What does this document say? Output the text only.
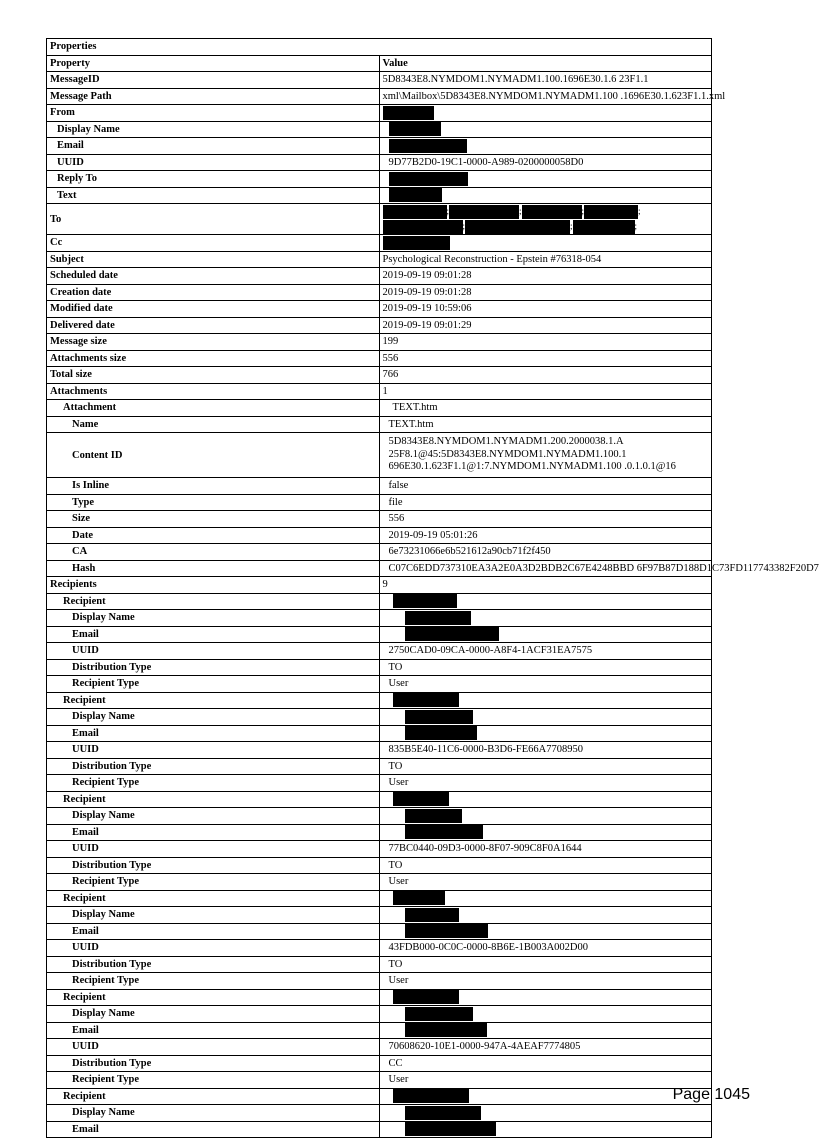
Properties	
Property	Value
MessageID	5D8343E8.NYMDOM1.NYMADM1.100.1696E30.1.6 23F1.1
Message Path	xml\Mailbox\5D8343E8.NYMDOM1.NYMADM1.100 .1696E30.1.623F1.1.xml
From	
Display Name	
Email	
UUID	9D77B2D0-19C1-0000-A989-0200000058D0
Reply To	
Text	
To	; ; ; ;; ; ;
Cc	
Subject	Psychological Reconstruction - Epstein #76318-054
Scheduled date	2019-09-19 09:01:28
Creation date	2019-09-19 09:01:28
Modified date	2019-09-19 10:59:06
Delivered date	2019-09-19 09:01:29
Message size	199
Attachments size	556
Total size	766
Attachments	1
Attachment	TEXT.htm
Name	TEXT.htm
Content ID	5D8343E8.NYMDOM1.NYMADM1.200.2000038.1.A
25F8.1@45:5D8343E8.NYMDOM1.NYMADM1.100.1
696E30.1.623F1.1@1:7.NYMDOM1.NYMADM1.100 .0.1.0.1@16

Is Inline	false
Type	file
Size	556
Date	2019-09-19 05:01:26
CA	6e73231066e6b521612a90cb71f2f450
Hash	C07C6EDD737310EA3A2E0A3D2BDB2C67E4248BBD 6F97B87D188D1C73FD117743382F20D7
Recipients	9
Recipient	
Display Name	
Email	
UUID	2750CAD0-09CA-0000-A8F4-1ACF31EA7575
Distribution Type	TO
Recipient Type	User
Recipient	
Display Name	
Email	
UUID	835B5E40-11C6-0000-B3D6-FE66A7708950
Distribution Type	TO
Recipient Type	User
Recipient	
Display Name	
Email	
UUID	77BC0440-09D3-0000-8F07-909C8F0A1644
Distribution Type	TO
Recipient Type	User
Recipient	
Display Name	
Email	
UUID	43FDB000-0C0C-0000-8B6E-1B003A002D00
Distribution Type	TO
Recipient Type	User
Recipient	
Display Name	
Email	
UUID	70608620-10E1-0000-947A-4AEAF7774805
Distribution Type	CC
Recipient Type	User
Recipient	
Display Name	
Email	
Page 1045
